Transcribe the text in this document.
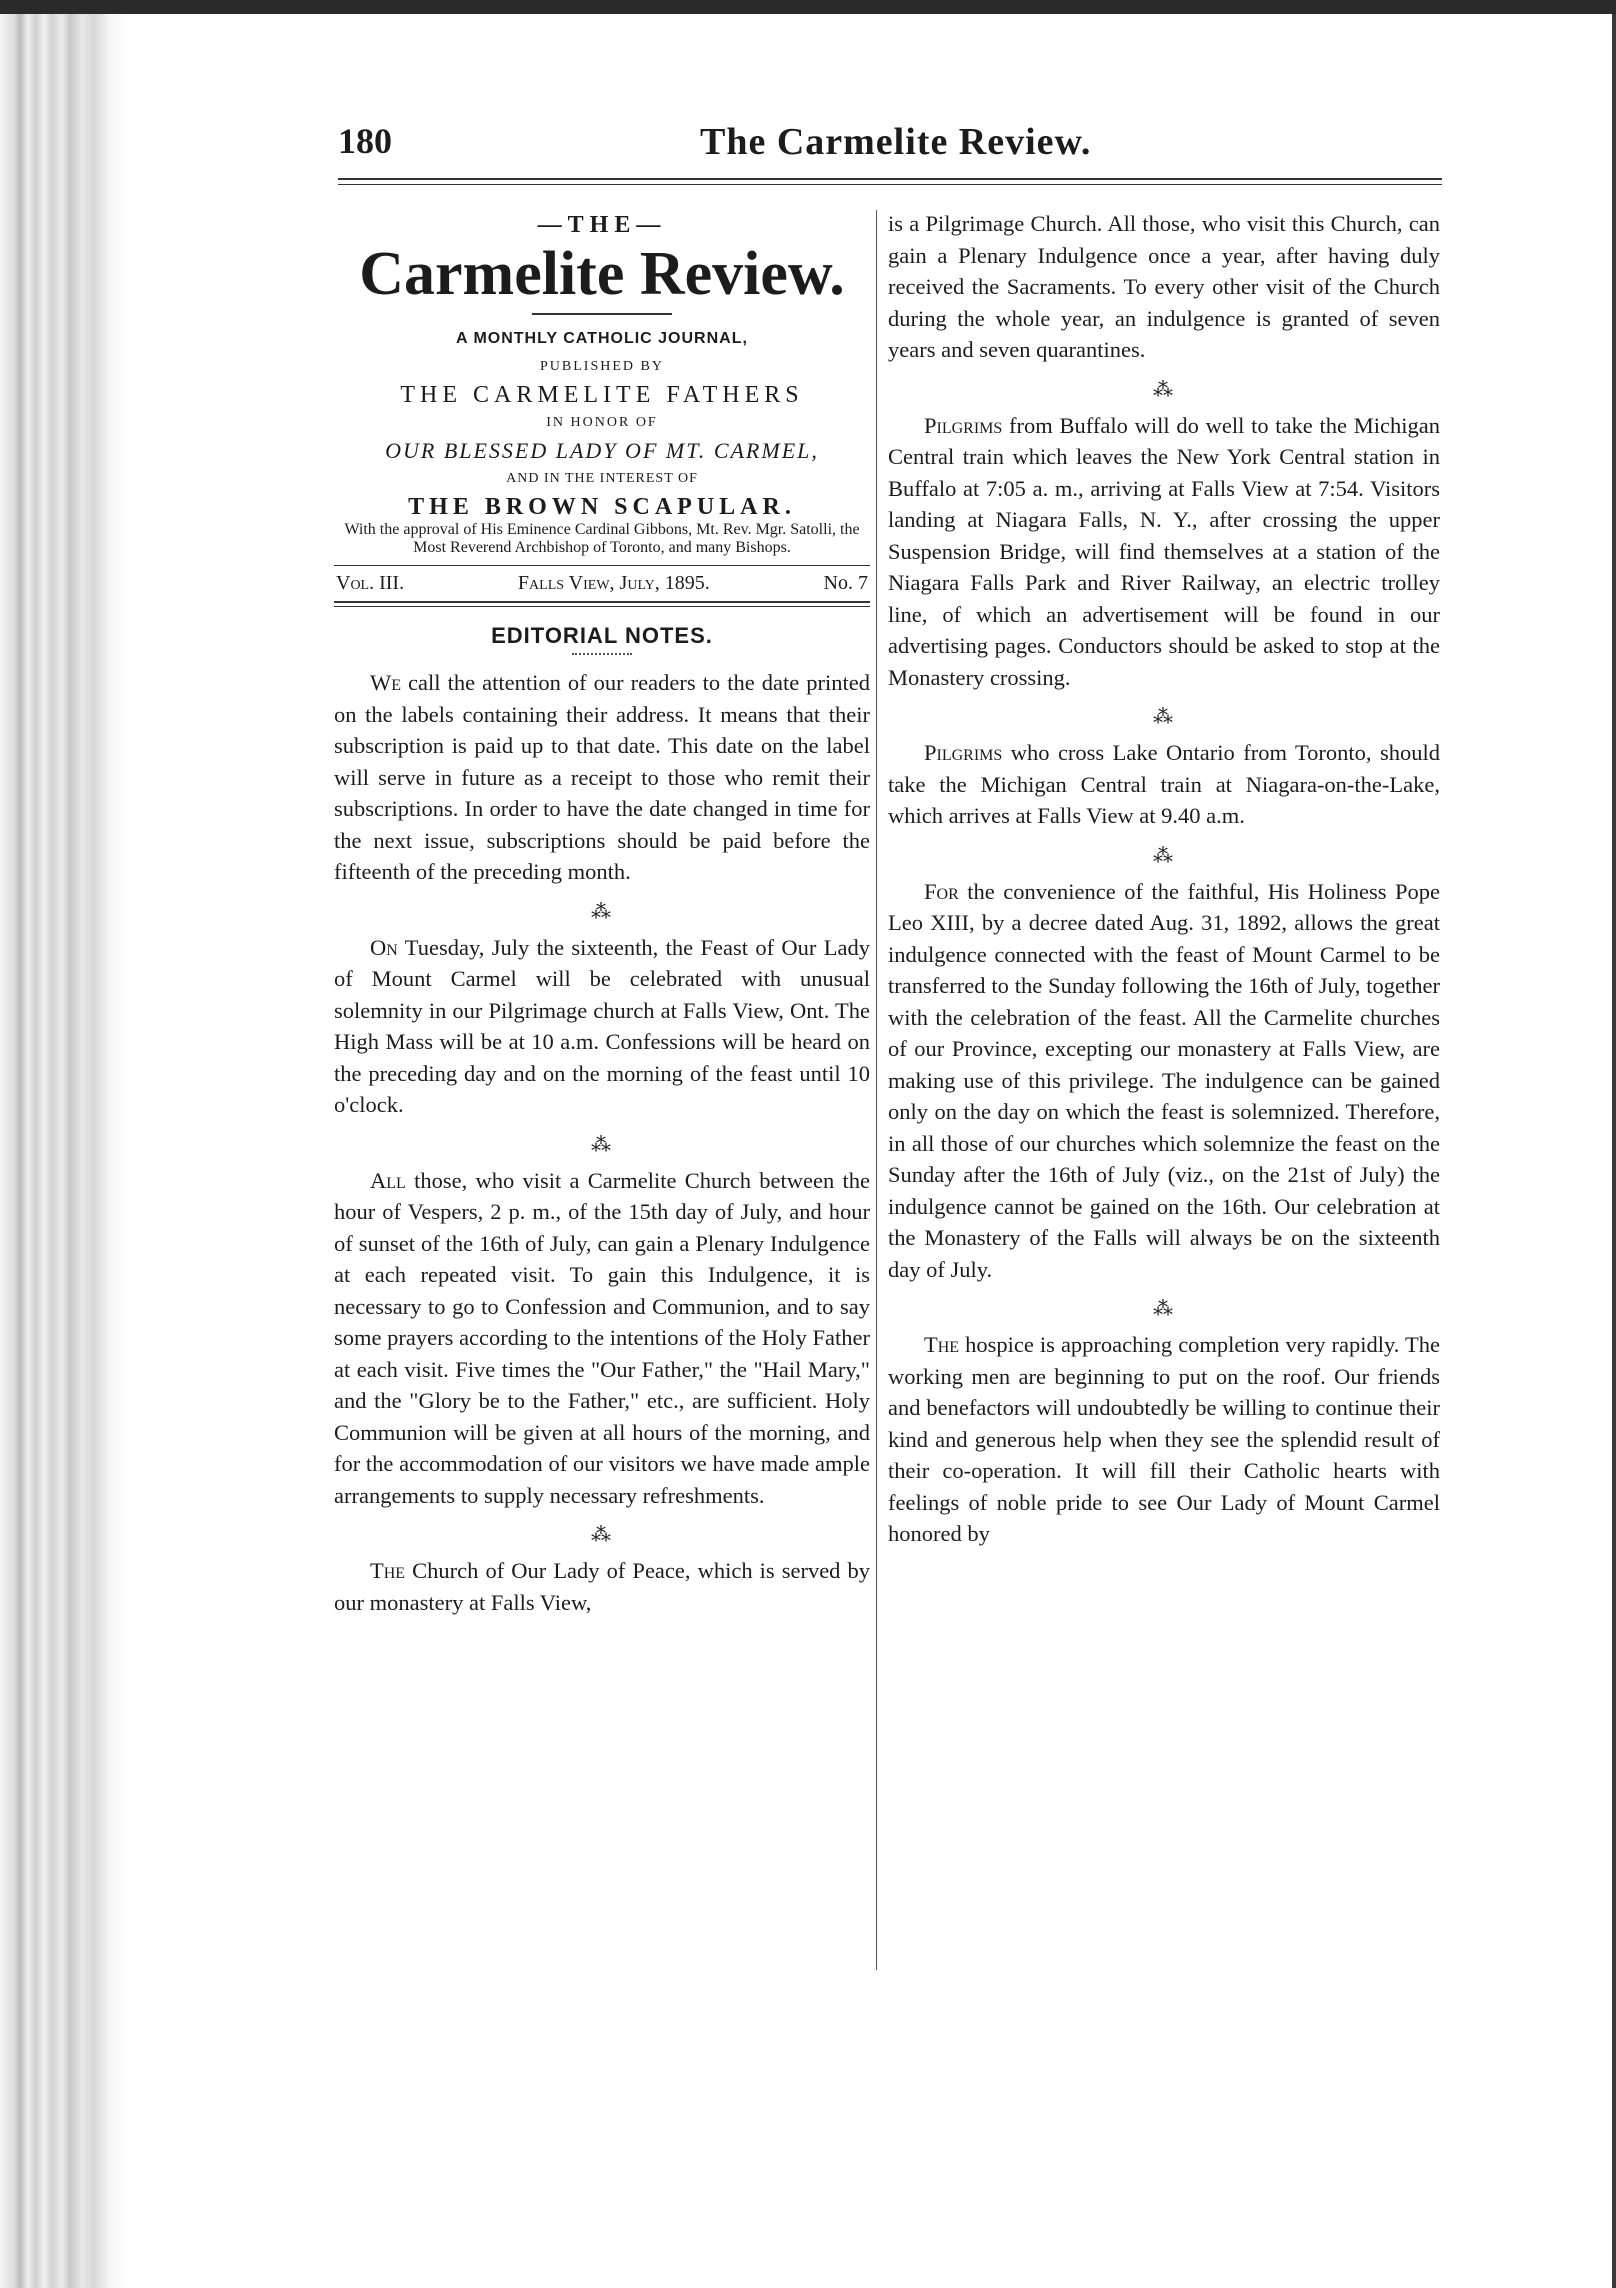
180	The Carmelite Review.
—THE—
Carmelite Review.

A MONTHLY CATHOLIC JOURNAL,

PUBLISHED BY

THE CARMELITE FATHERS

IN HONOR OF

OUR BLESSED LADY OF MT. CARMEL,

AND IN THE INTEREST OF

THE BROWN SCAPULAR.

With the approval of His Eminence Cardinal Gibbons, Mt. Rev. Mgr. Satolli, the Most Reverend Archbishop of Toronto, and many Bishops.

Vol. III.	Falls View, July, 1895.	No. 7
EDITORIAL NOTES.

We call the attention of our readers to the date printed on the labels containing their address. It means that their subscription is paid up to that date. This date on the label will serve in future as a receipt to those who remit their subscriptions. In order to have the date changed in time for the next issue, subscriptions should be paid before the fifteenth of the preceding month.

⁂

On Tuesday, July the sixteenth, the Feast of Our Lady of Mount Carmel will be celebrated with unusual solemnity in our Pilgrimage church at Falls View, Ont. The High Mass will be at 10 a.m. Confessions will be heard on the preceding day and on the morning of the feast until 10 o'clock.

⁂

All those, who visit a Carmelite Church between the hour of Vespers, 2 p. m., of the 15th day of July, and hour of sunset of the 16th of July, can gain a Plenary Indulgence at each repeated visit. To gain this Indulgence, it is necessary to go to Confession and Communion, and to say some prayers according to the intentions of the Holy Father at each visit. Five times the "Our Father," the "Hail Mary," and the "Glory be to the Father," etc., are sufficient. Holy Communion will be given at all hours of the morning, and for the accommodation of our visitors we have made ample arrangements to supply necessary refreshments.

⁂

The Church of Our Lady of Peace, which is served by our monastery at Falls View,

is a Pilgrimage Church. All those, who visit this Church, can gain a Plenary Indulgence once a year, after having duly received the Sacraments. To every other visit of the Church during the whole year, an indulgence is granted of seven years and seven quarantines.

⁂

Pilgrims from Buffalo will do well to take the Michigan Central train which leaves the New York Central station in Buffalo at 7:05 a. m., arriving at Falls View at 7:54. Visitors landing at Niagara Falls, N. Y., after crossing the upper Suspension Bridge, will find themselves at a station of the Niagara Falls Park and River Railway, an electric trolley line, of which an advertisement will be found in our advertising pages. Conductors should be asked to stop at the Monastery crossing.

⁂

Pilgrims who cross Lake Ontario from Toronto, should take the Michigan Central train at Niagara-on-the-Lake, which arrives at Falls View at 9.40 a.m.

⁂

For the convenience of the faithful, His Holiness Pope Leo XIII, by a decree dated Aug. 31, 1892, allows the great indulgence connected with the feast of Mount Carmel to be transferred to the Sunday following the 16th of July, together with the celebration of the feast. All the Carmelite churches of our Province, excepting our monastery at Falls View, are making use of this privilege. The indulgence can be gained only on the day on which the feast is solemnized. Therefore, in all those of our churches which solemnize the feast on the Sunday after the 16th of July (viz., on the 21st of July) the indulgence cannot be gained on the 16th. Our celebration at the Monastery of the Falls will always be on the sixteenth day of July.

⁂

The hospice is approaching completion very rapidly. The working men are beginning to put on the roof. Our friends and benefactors will undoubtedly be willing to continue their kind and generous help when they see the splendid result of their co-operation. It will fill their Catholic hearts with feelings of noble pride to see Our Lady of Mount Carmel honored by
